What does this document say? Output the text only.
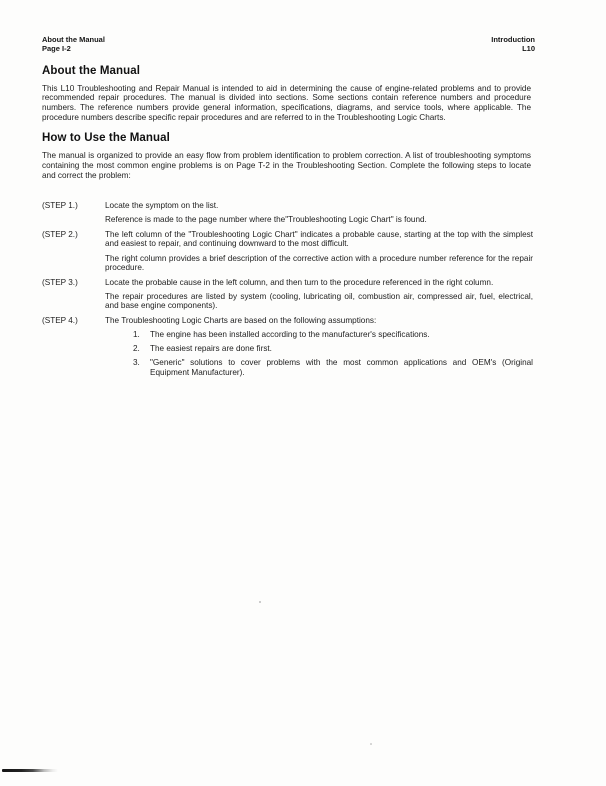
About the Manual
Page I-2
Introduction
L10
About the Manual

This L10 Troubleshooting and Repair Manual is intended to aid in determining the cause of engine-related problems and to provide recommended repair procedures. The manual is divided into sections. Some sections contain reference numbers and procedure numbers. The reference numbers provide general information, specifications, diagrams, and service tools, where applicable. The procedure numbers describe specific repair procedures and are referred to in the Troubleshooting Logic Charts.

How to Use the Manual

The manual is organized to provide an easy flow from problem identification to problem correction. A list of troubleshooting symptoms containing the most common engine problems is on Page T-2 in the Troubleshooting Section. Complete the following steps to locate and correct the problem:

(STEP 1.)	Locate the symptom on the list.

Reference is made to the page number where the"Troubleshooting Logic Chart" is found.

(STEP 2.)	The left column of the "Troubleshooting Logic Chart" indicates a probable cause, starting at the top with the simplest and easiest to repair, and continuing downward to the most difficult.

The right column provides a brief description of the corrective action with a procedure number reference for the repair procedure.

(STEP 3.)	Locate the probable cause in the left column, and then turn to the procedure referenced in the right column.

The repair procedures are listed by system (cooling, lubricating oil, combustion air, compressed air, fuel, electrical, and base engine components).

(STEP 4.)	The Troubleshooting Logic Charts are based on the following assumptions:

1.	The engine has been installed according to the manufacturer's specifications.
2.	The easiest repairs are done first.
3.	"Generic" solutions to cover problems with the most common applications and OEM's (Original Equipment Manufacturer).
